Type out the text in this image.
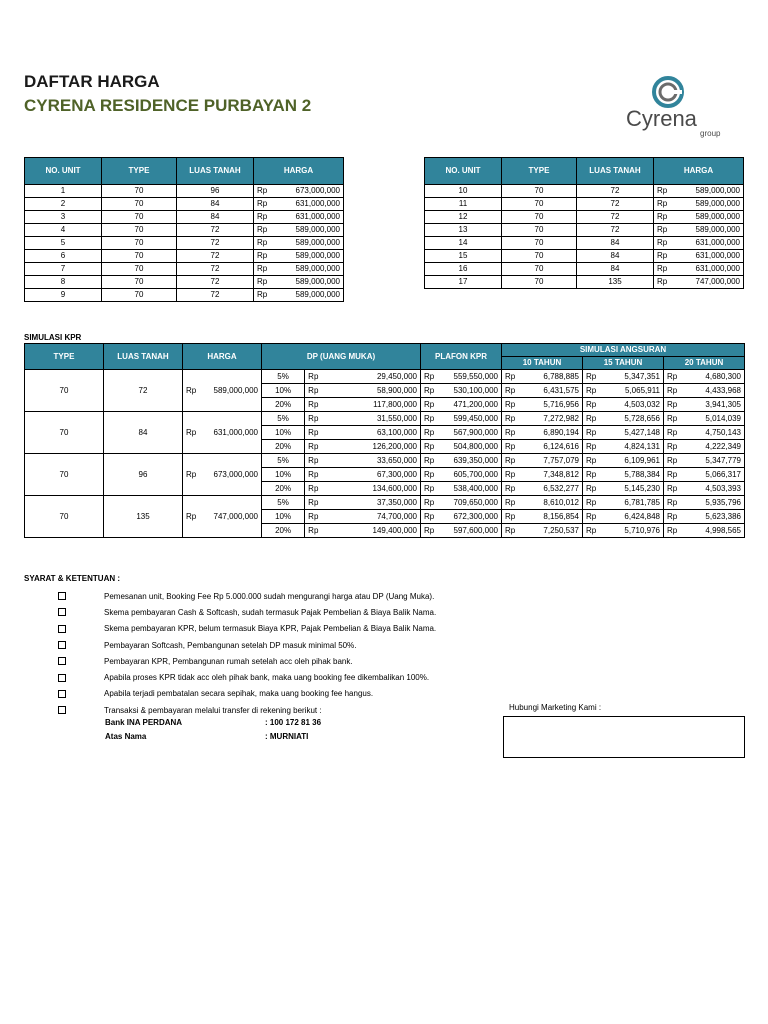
DAFTAR HARGA
CYRENA RESIDENCE PURBAYAN 2
Cyrena
group
NO. UNIT	TYPE	LUAS TANAH	HARGA
1	70	96	Rp 673,000,000

2	70	84	Rp 631,000,000

3	70	84	Rp 631,000,000

4	70	72	Rp 589,000,000

5	70	72	Rp 589,000,000

6	70	72	Rp 589,000,000

7	70	72	Rp 589,000,000

8	70	72	Rp 589,000,000

9	70	72	Rp 589,000,000
NO. UNIT	TYPE	LUAS TANAH	HARGA
10	70	72	Rp 589,000,000

11	70	72	Rp 589,000,000

12	70	72	Rp 589,000,000

13	70	72	Rp 589,000,000

14	70	84	Rp 631,000,000

15	70	84	Rp 631,000,000

16	70	84	Rp 631,000,000

17	70	135	Rp 747,000,000
SIMULASI KPR
TYPE	LUAS TANAH	HARGA	DP (UANG MUKA)		PLAFON KPR	SIMULASI ANGSURAN		
						10 TAHUN	15 TAHUN	20 TAHUN
70	72	Rp 589,000,000	5%	Rp 29,450,000	Rp 559,550,000	Rp 6,788,885	Rp 5,347,351	Rp 4,680,300

			10%	Rp 58,900,000	Rp 530,100,000	Rp 6,431,575	Rp 5,065,911	Rp 4,433,968

			20%	Rp 117,800,000	Rp 471,200,000	Rp 5,716,956	Rp 4,503,032	Rp 3,941,305

70	84	Rp 631,000,000	5%	Rp 31,550,000	Rp 599,450,000	Rp 7,272,982	Rp 5,728,656	Rp 5,014,039

			10%	Rp 63,100,000	Rp 567,900,000	Rp 6,890,194	Rp 5,427,148	Rp 4,750,143

			20%	Rp 126,200,000	Rp 504,800,000	Rp 6,124,616	Rp 4,824,131	Rp 4,222,349

70	96	Rp 673,000,000	5%	Rp 33,650,000	Rp 639,350,000	Rp 7,757,079	Rp 6,109,961	Rp 5,347,779

			10%	Rp 67,300,000	Rp 605,700,000	Rp 7,348,812	Rp 5,788,384	Rp 5,066,317

			20%	Rp 134,600,000	Rp 538,400,000	Rp 6,532,277	Rp 5,145,230	Rp 4,503,393

70	135	Rp 747,000,000	5%	Rp 37,350,000	Rp 709,650,000	Rp 8,610,012	Rp 6,781,785	Rp 5,935,796

			10%	Rp 74,700,000	Rp 672,300,000	Rp 8,156,854	Rp 6,424,848	Rp 5,623,386

			20%	Rp 149,400,000	Rp 597,600,000	Rp 7,250,537	Rp 5,710,976	Rp 4,998,565
SYARAT & KETENTUAN :
Pemesanan unit, Booking Fee Rp 5.000.000 sudah mengurangi harga atau DP (Uang Muka).
Skema pembayaran Cash & Softcash, sudah termasuk Pajak Pembelian & Biaya Balik Nama.
Skema pembayaran KPR, belum termasuk Biaya KPR, Pajak Pembelian & Biaya Balik Nama.
Pembayaran Softcash, Pembangunan setelah DP masuk minimal 50%.
Pembayaran KPR, Pembangunan rumah setelah acc oleh pihak bank.
Apabila proses KPR tidak acc oleh pihak bank, maka uang booking fee dikembalikan 100%.
Apabila terjadi pembatalan secara sepihak, maka uang booking fee hangus.
Transaksi & pembayaran melalui transfer di rekening berikut :
Bank INA PERDANA	: 100 172 81 36
Atas Nama	: MURNIATI
Hubungi Marketing Kami :
